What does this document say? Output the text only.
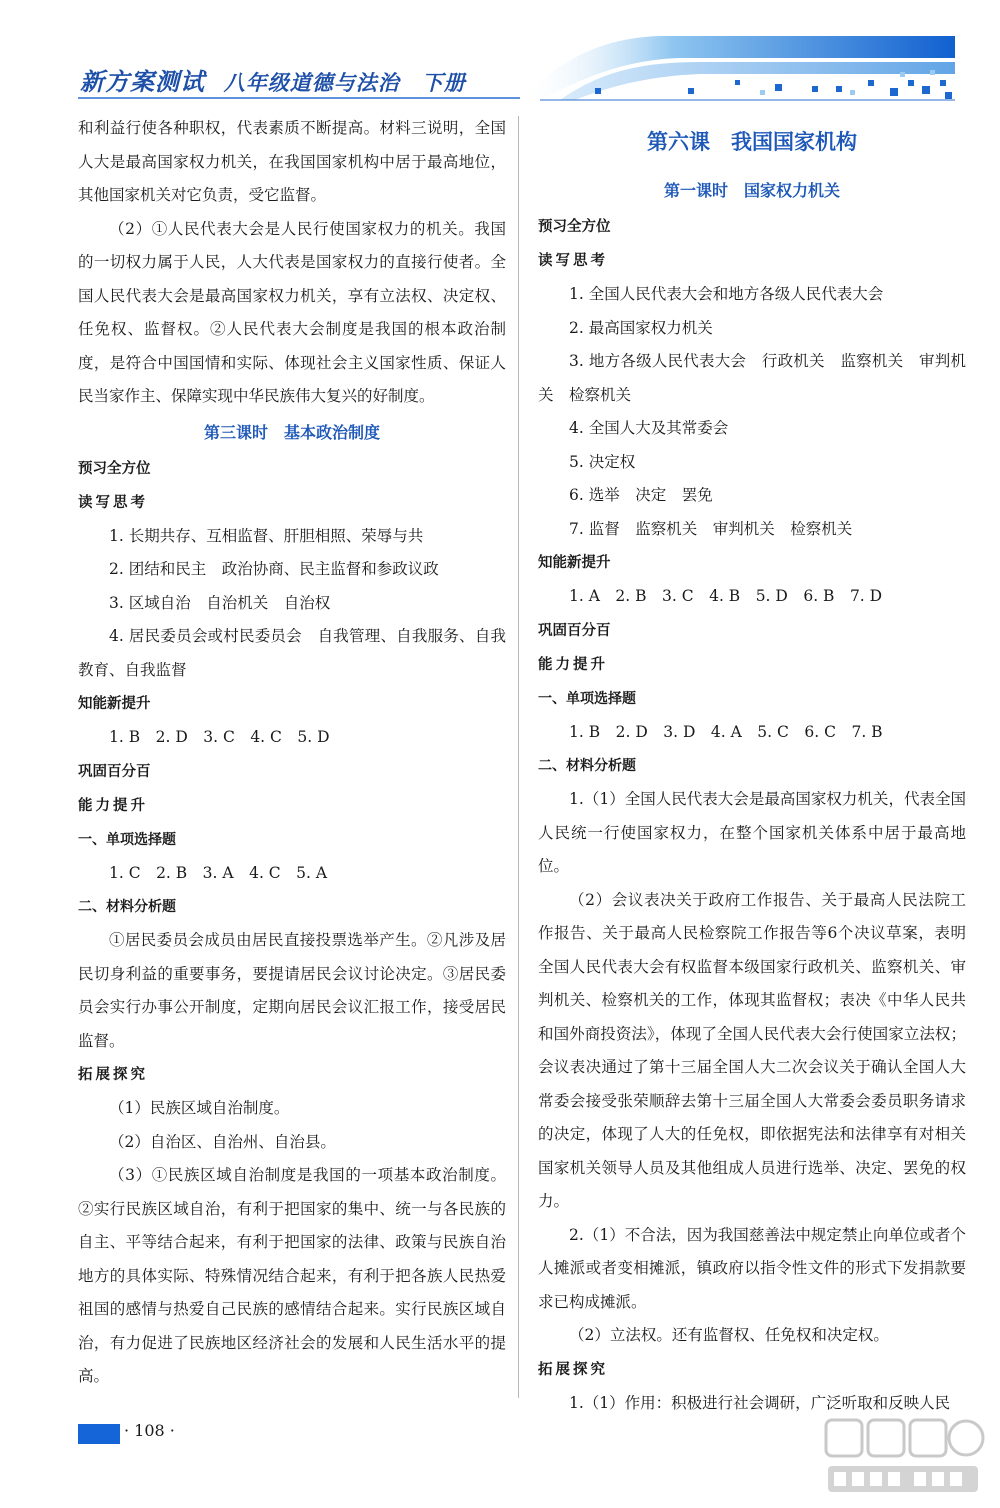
新方案测试 八年级道德与法治　下册

和利益行使各种职权，代表素质不断提高。材料三说明，全国人大是最高国家权力机关，在我国国家机构中居于最高地位，其他国家机关对它负责，受它监督。

（2）①人民代表大会是人民行使国家权力的机关。我国的一切权力属于人民，人大代表是国家权力的直接行使者。全国人民代表大会是最高国家权力机关，享有立法权、决定权、任免权、监督权。②人民代表大会制度是我国的根本政治制度，是符合中国国情和实际、体现社会主义国家性质、保证人民当家作主、保障实现中华民族伟大复兴的好制度。

第三课时　基本政治制度

预习全方位

读写思考

1. 长期共存、互相监督、肝胆相照、荣辱与共

2. 团结和民主　政治协商、民主监督和参政议政

3. 区域自治　自治机关　自治权

4. 居民委员会或村民委员会　自我管理、自我服务、自我教育、自我监督

知能新提升

1. B　2. D　3. C　4. C　5. D

巩固百分百

能力提升

一、单项选择题

1. C　2. B　3. A　4. C　5. A

二、材料分析题

①居民委员会成员由居民直接投票选举产生。②凡涉及居民切身利益的重要事务，要提请居民会议讨论决定。③居民委员会实行办事公开制度，定期向居民会议汇报工作，接受居民监督。

拓展探究

（1）民族区域自治制度。

（2）自治区、自治州、自治县。

（3）①民族区域自治制度是我国的一项基本政治制度。②实行民族区域自治，有利于把国家的集中、统一与各民族的自主、平等结合起来，有利于把国家的法律、政策与民族自治地方的具体实际、特殊情况结合起来，有利于把各族人民热爱祖国的感情与热爱自己民族的感情结合起来。实行民族区域自治，有力促进了民族地区经济社会的发展和人民生活水平的提高。

第六课　我国国家机构

第一课时　国家权力机关

预习全方位

读写思考

1. 全国人民代表大会和地方各级人民代表大会

2. 最高国家权力机关

3. 地方各级人民代表大会　行政机关　监察机关　审判机关　检察机关

4. 全国人大及其常委会

5. 决定权

6. 选举　决定　罢免

7. 监督　监察机关　审判机关　检察机关

知能新提升

1. A　2. B　3. C　4. B　5. D　6. B　7. D

巩固百分百

能力提升

一、单项选择题

1. B　2. D　3. D　4. A　5. C　6. C　7. B

二、材料分析题

1.（1）全国人民代表大会是最高国家权力机关，代表全国人民统一行使国家权力，在整个国家机关体系中居于最高地位。

（2）会议表决关于政府工作报告、关于最高人民法院工作报告、关于最高人民检察院工作报告等6个决议草案，表明全国人民代表大会有权监督本级国家行政机关、监察机关、审判机关、检察机关的工作，体现其监督权；表决《中华人民共和国外商投资法》，体现了全国人民代表大会行使国家立法权；会议表决通过了第十三届全国人大二次会议关于确认全国人大常委会接受张荣顺辞去第十三届全国人大常委会委员职务请求的决定，体现了人大的任免权，即依据宪法和法律享有对相关国家机关领导人员及其他组成人员进行选举、决定、罢免的权力。

2.（1）不合法，因为我国慈善法中规定禁止向单位或者个人摊派或者变相摊派，镇政府以指令性文件的形式下发捐款要求已构成摊派。

（2）立法权。还有监督权、任免权和决定权。

拓展探究

1.（1）作用：积极进行社会调研，广泛听取和反映人民

· 108 ·
